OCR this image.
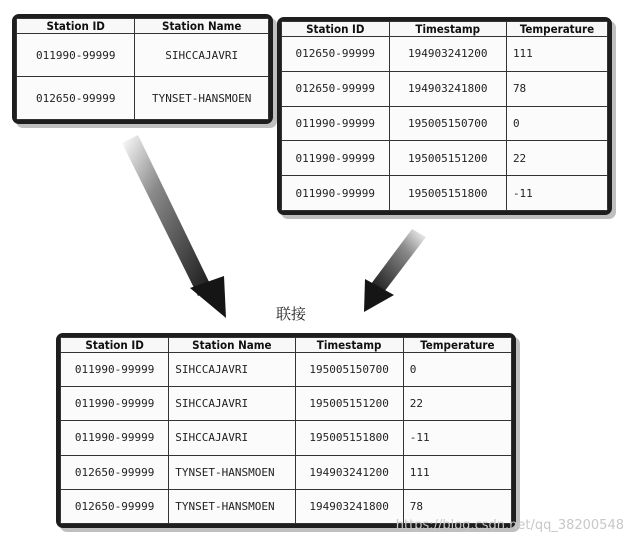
Station ID	Station Name
011990-99999	SIHCCAJAVRI
012650-99999	TYNSET-HANSMOEN
Station ID	Timestamp	Temperature
012650-99999	194903241200	111
012650-99999	194903241800	78
011990-99999	195005150700	0
011990-99999	195005151200	22
011990-99999	195005151800	-11
联接
Station ID	Station Name	Timestamp	Temperature
011990-99999	SIHCCAJAVRI	195005150700	0
011990-99999	SIHCCAJAVRI	195005151200	22
011990-99999	SIHCCAJAVRI	195005151800	-11
012650-99999	TYNSET-HANSMOEN	194903241200	111
012650-99999	TYNSET-HANSMOEN	194903241800	78
https://blog.csdn.net/qq_38200548
